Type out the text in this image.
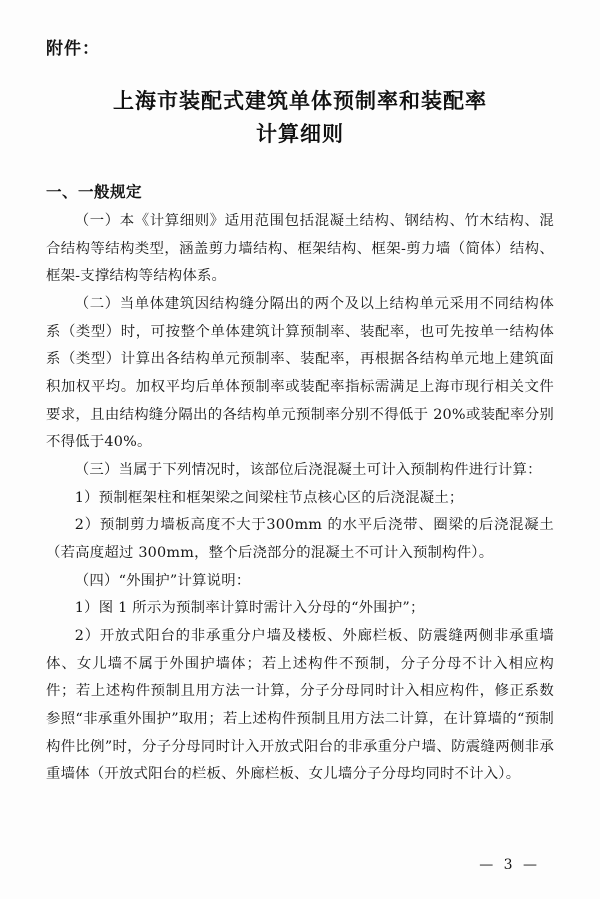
附件：
上海市装配式建筑单体预制率和装配率
计算细则
一、一般规定

（一）本《计算细则》适用范围包括混凝土结构、钢结构、竹木结构、混合结构等结构类型，涵盖剪力墙结构、框架结构、框架-剪力墙（简体）结构、框架-支撑结构等结构体系。

（二）当单体建筑因结构缝分隔出的两个及以上结构单元采用不同结构体系（类型）时，可按整个单体建筑计算预制率、装配率，也可先按单一结构体系（类型）计算出各结构单元预制率、装配率，再根据各结构单元地上建筑面积加权平均。加权平均后单体预制率或装配率指标需满足上海市现行相关文件要求，且由结构缝分隔出的各结构单元预制率分别不得低于 20%或装配率分别不得低于40%。

（三）当属于下列情况时，该部位后浇混凝土可计入预制构件进行计算：

1）预制框架柱和框架梁之间梁柱节点核心区的后浇混凝土；

2）预制剪力墙板高度不大于300mm 的水平后浇带、圈梁的后浇混凝土（若高度超过 300mm，整个后浇部分的混凝土不可计入预制构件）。

（四）“外围护”计算说明：

1）图 1 所示为预制率计算时需计入分母的“外围护”；

2）开放式阳台的非承重分户墙及楼板、外廊栏板、防震缝两侧非承重墙体、女儿墙不属于外围护墙体；若上述构件不预制，分子分母不计入相应构件；若上述构件预制且用方法一计算，分子分母同时计入相应构件，修正系数参照“非承重外围护”取用；若上述构件预制且用方法二计算，在计算墙的“预制构件比例”时，分子分母同时计入开放式阳台的非承重分户墙、防震缝两侧非承重墙体（开放式阳台的栏板、外廊栏板、女儿墙分子分母均同时不计入）。

— 3 —
